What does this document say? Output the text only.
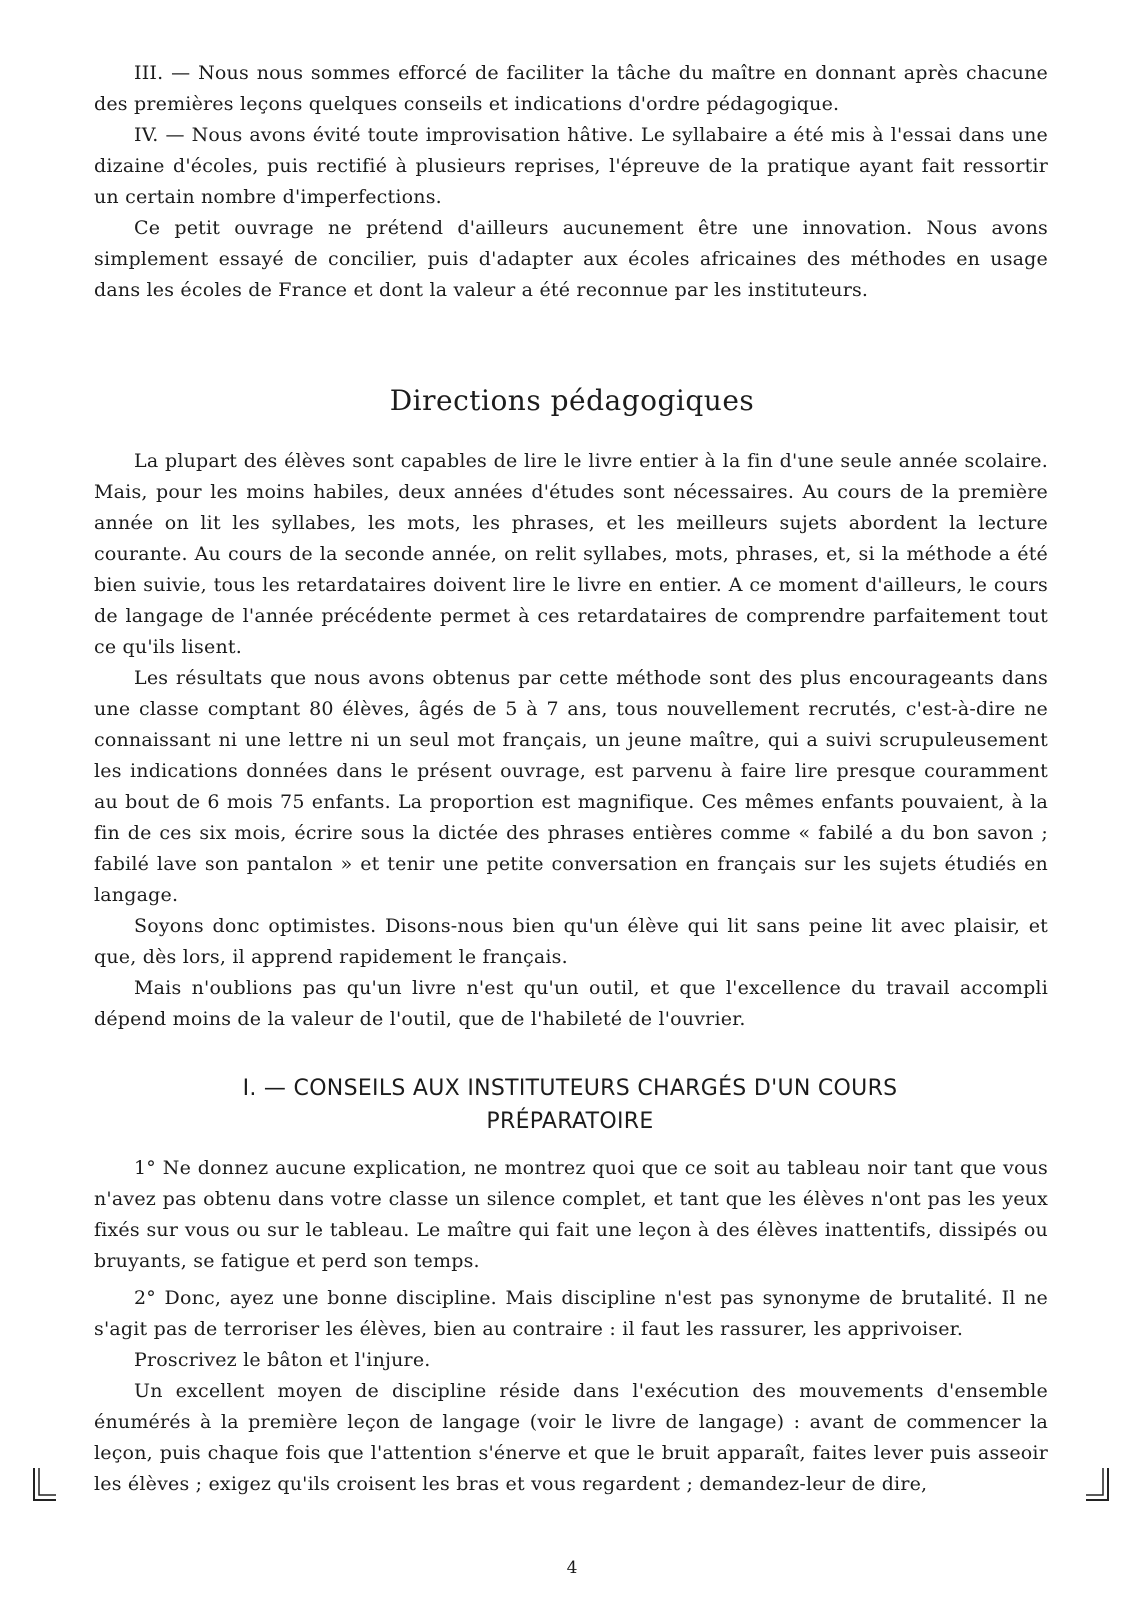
III. — Nous nous sommes efforcé de faciliter la tâche du maître en donnant après chacune des premières leçons quelques conseils et indications d'ordre pédagogique.

IV. — Nous avons évité toute improvisation hâtive. Le syllabaire a été mis à l'essai dans une dizaine d'écoles, puis rectifié à plusieurs reprises, l'épreuve de la pratique ayant fait ressortir un certain nombre d'imperfections.

Ce petit ouvrage ne prétend d'ailleurs aucunement être une innovation. Nous avons simplement essayé de concilier, puis d'adapter aux écoles africaines des méthodes en usage dans les écoles de France et dont la valeur a été reconnue par les instituteurs.

Directions pédagogiques

La plupart des élèves sont capables de lire le livre entier à la fin d'une seule année scolaire. Mais, pour les moins habiles, deux années d'études sont nécessaires. Au cours de la première année on lit les syllabes, les mots, les phrases, et les meilleurs sujets abordent la lecture courante. Au cours de la seconde année, on relit syllabes, mots, phrases, et, si la méthode a été bien suivie, tous les retardataires doivent lire le livre en entier. A ce moment d'ailleurs, le cours de langage de l'année précédente permet à ces retardataires de comprendre parfaitement tout ce qu'ils lisent.

Les résultats que nous avons obtenus par cette méthode sont des plus encourageants dans une classe comptant 80 élèves, âgés de 5 à 7 ans, tous nouvellement recrutés, c'est-à-dire ne connaissant ni une lettre ni un seul mot français, un jeune maître, qui a suivi scrupuleusement les indications données dans le présent ouvrage, est parvenu à faire lire presque couramment au bout de 6 mois 75 enfants. La proportion est magnifique. Ces mêmes enfants pouvaient, à la fin de ces six mois, écrire sous la dictée des phrases entières comme « fabilé a du bon savon ; fabilé lave son pantalon » et tenir une petite conversation en français sur les sujets étudiés en langage.

Soyons donc optimistes. Disons-nous bien qu'un élève qui lit sans peine lit avec plaisir, et que, dès lors, il apprend rapidement le français.

Mais n'oublions pas qu'un livre n'est qu'un outil, et que l'excellence du travail accompli dépend moins de la valeur de l'outil, que de l'habileté de l'ouvrier.

I. — CONSEILS AUX INSTITUTEURS CHARGÉS D'UN COURS
PRÉPARATOIRE

1° Ne donnez aucune explication, ne montrez quoi que ce soit au tableau noir tant que vous n'avez pas obtenu dans votre classe un silence complet, et tant que les élèves n'ont pas les yeux fixés sur vous ou sur le tableau. Le maître qui fait une leçon à des élèves inattentifs, dissipés ou bruyants, se fatigue et perd son temps.

2° Donc, ayez une bonne discipline. Mais discipline n'est pas synonyme de brutalité. Il ne s'agit pas de terroriser les élèves, bien au contraire : il faut les rassurer, les apprivoiser.

Proscrivez le bâton et l'injure.

Un excellent moyen de discipline réside dans l'exécution des mouvements d'ensemble énumérés à la première leçon de langage (voir le livre de langage) : avant de commencer la leçon, puis chaque fois que l'attention s'énerve et que le bruit apparaît, faites lever puis asseoir les élèves ; exigez qu'ils croisent les bras et vous regardent ; demandez-leur de dire,

4
